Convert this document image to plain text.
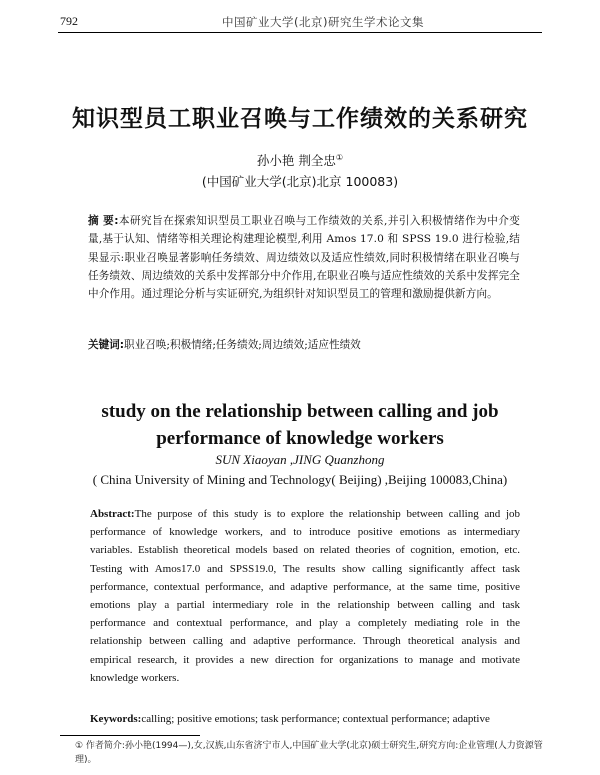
792	中国矿业大学(北京)研究生学术论文集
知识型员工职业召唤与工作绩效的关系研究
孙小艳 荆全忠①
(中国矿业大学(北京)北京 100083)
摘 要:本研究旨在探索知识型员工职业召唤与工作绩效的关系,并引入积极情绪作为中介变量,基于认知、情绪等相关理论构建理论模型,利用 Amos 17.0 和 SPSS 19.0 进行检验,结果显示:职业召唤显著影响任务绩效、周边绩效以及适应性绩效,同时积极情绪在职业召唤与任务绩效、周边绩效的关系中发挥部分中介作用,在职业召唤与适应性绩效的关系中发挥完全中介作用。通过理论分析与实证研究,为组织针对知识型员工的管理和激励提供新方向。
关键词:职业召唤;积极情绪;任务绩效;周边绩效;适应性绩效
study on the relationship between calling and job
performance of knowledge workers
SUN Xiaoyan ,JING Quanzhong
( China University of Mining and Technology( Beijing) ,Beijing 100083,China)
Abstract:The purpose of this study is to explore the relationship between calling and job performance of knowledge workers, and to introduce positive emotions as intermediary variables. Establish theoretical models based on related theories of cognition, emotion, etc. Testing with Amos17.0 and SPSS19.0, The results show calling significantly affect task performance, contextual performance, and adaptive performance, at the same time, positive emotions play a partial intermediary role in the relationship between calling and task performance and contextual performance, and play a completely mediating role in the relationship between calling and adaptive performance. Through theoretical analysis and empirical research, it provides a new direction for organizations to manage and motivate knowledge workers.
Keywords:calling; positive emotions; task performance; contextual performance; adaptive
① 作者简介:孙小艳(1994—),女,汉族,山东省济宁市人,中国矿业大学(北京)硕士研究生,研究方向:企业管理(人力资源管理)。
